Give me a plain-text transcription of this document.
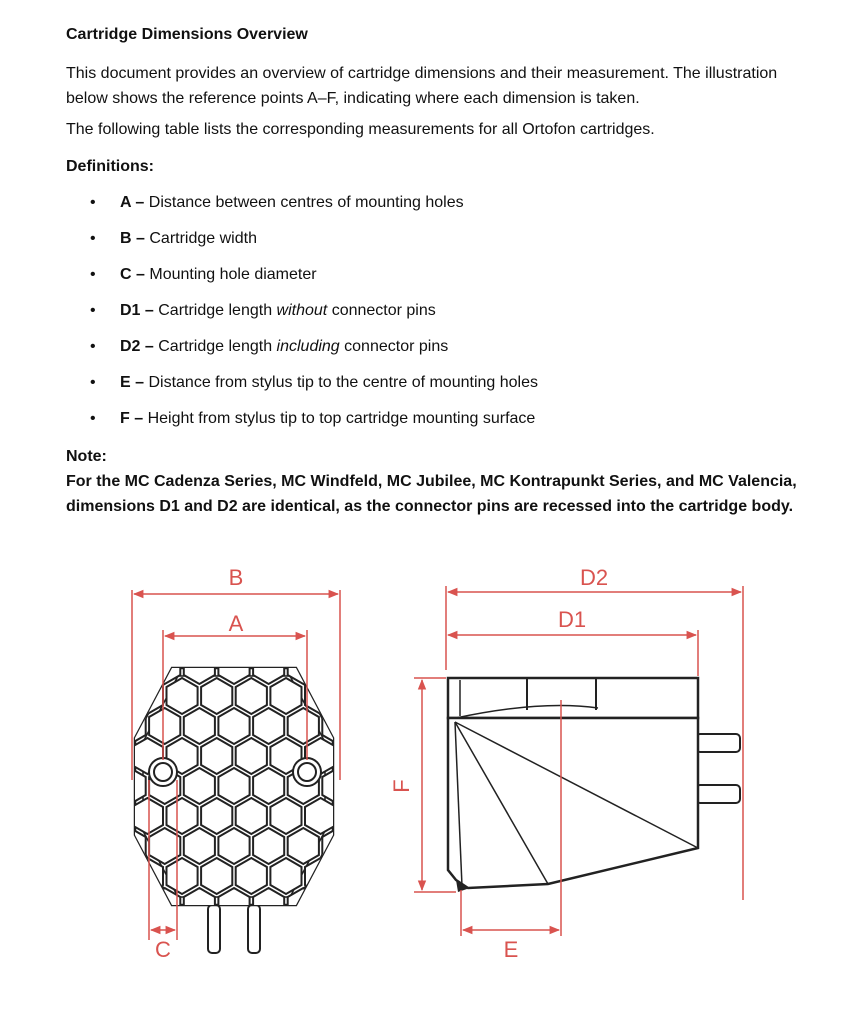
Cartridge Dimensions Overview

This document provides an overview of cartridge dimensions and their measurement. The illustration below shows the reference points A–F, indicating where each dimension is taken.

The following table lists the corresponding measurements for all Ortofon cartridges.

Definitions:

• A – Distance between centres of mounting holes
• B – Cartridge width
• C – Mounting hole diameter
• D1 – Cartridge length without connector pins
• D2 – Cartridge length including connector pins
• E – Distance from stylus tip to the centre of mounting holes
• F – Height from stylus tip to top cartridge mounting surface

Note:

For the MC Cadenza Series, MC Windfeld, MC Jubilee, MC Kontrapunkt Series, and MC Valencia, dimensions D1 and D2 are identical, as the connector pins are recessed into the cartridge body.

B
A
C
D2
D1
F
E
